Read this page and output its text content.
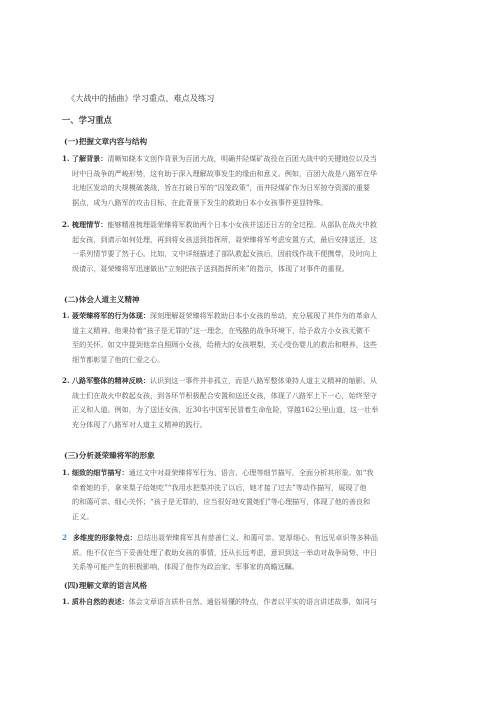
《大战中的插曲》学习重点、难点及练习
一、学习重点
(一)把握文章内容与结构
1. 了解背景：清晰知晓本文创作背景为百团大战，明确井陉煤矿战役在百团大战中的关键地位以及当
时中日战争的严峻形势，这有助于深入理解故事发生的缘由和意义。例如，百团大战是八路军在华
北地区发动的大规模破袭战，旨在打破日军的“囚笼政策”，而井陉煤矿作为日军掠夺资源的重要
据点，成为八路军的攻击目标，在此背景下发生的救助日本小女孩事件更显特殊。
2. 梳理情节：能够精准梳理聂荣臻将军救助两个日本小女孩并送还日方的全过程。从部队在战火中救
起女孩，到请示如何处理，再到将女孩送到指挥所，聂荣臻将军考虑安置方式，最后安排送还，这
一系列情节要了然于心。比如，文中详细描述了部队救起女孩后，因前线作战不便携带，及时向上
级请示，聂荣臻将军迅速做出“立刻把孩子送到指挥所来”的指示，体现了对事件的重视。
(二)体会人道主义精神
1. 聂荣臻将军的行为体现：深刻理解聂荣臻将军救助日本小女孩的举动，充分展现了其作为的革命人
道主义精神。他秉持着“孩子是无罪的”这一理念，在残酷的战争环境下，给予敌方小女孩无微不
至的关怀。如文中提到他亲自照顾小女孩，给稍大的女孩喂梨，关心受伤婴儿的救治和喂养，这些
细节都彰显了他的仁爱之心。
2. 八路军整体的精神反映：认识到这一事件并非孤立，而是八路军整体秉持人道主义精神的缩影。从
战士们在战火中救起女孩，到各环节积极配合安置和送还女孩，体现了八路军上下一心，始终坚守
正义和人道。例如，为了送还女孩，近30名中国军民冒着生命危险，穿越162公里山道，这一壮举
充分体现了八路军对人道主义精神的践行。
(三)分析聂荣臻将军的形象
1. 细致的细节描写：通过文中对聂荣臻将军行为、语言、心理等细节描写，全面分析其形象。如“我
牵着她的手，拿来梨子给她吃”“我用水把梨冲洗了以后，她才接了过去”等动作描写，展现了他
的和蔼可亲、细心关怀；“孩子是无罪的，应当很好地安置她们”等心理描写，体现了他的善良和
正义。
2 多维度的形象特点：总结出聂荣臻将军具有慈善仁义、和蔼可亲、宽厚细心、有远见卓识等多种品
质。他不仅在当下妥善处理了救助女孩的事情，还从长远考虑，意识到这一举动对战争局势、中日
关系等可能产生的积极影响，体现了他作为政治家、军事家的高瞻远瞩。
(四)理解文章的语言风格
1. 质朴自然的表述：体会文章语言质朴自然、通俗易懂的特点，作者以平实的语言讲述故事，如同与
